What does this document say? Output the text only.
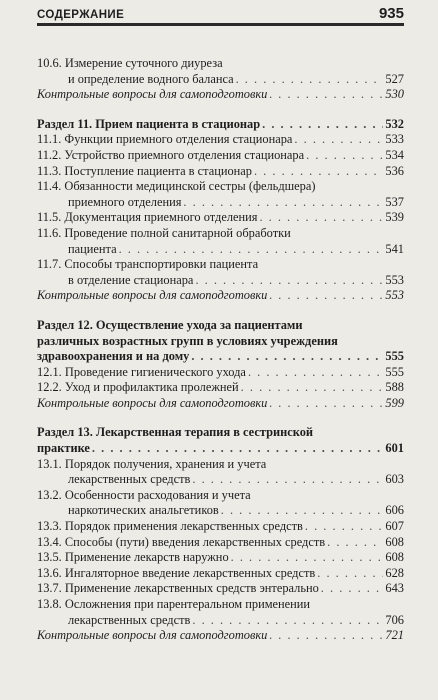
СОДЕРЖАНИЕ	935
10.6. Измерение суточного диуреза
и определение водного баланса . . .	527
Контрольные вопросы для самоподготовки . . .	530
Раздел 11. Прием пациента в стационар . . .	532
11.1. Функции приемного отделения стационара . . .	533
11.2. Устройство приемного отделения стационара . . .	534
11.3. Поступление пациента в стационар . . .	536
11.4. Обязанности медицинской сестры (фельдшера)
приемного отделения . . .	537
11.5. Документация приемного отделения . . .	539
11.6. Проведение полной санитарной обработки
пациента . . .	541
11.7. Способы транспортировки пациента
в отделение стационара . . .	553
Контрольные вопросы для самоподготовки . . .	553
Раздел 12. Осуществление ухода за пациентами
различных возрастных групп в условиях учреждения
здравоохранения и на дому . . .	555
12.1. Проведение гигиенического ухода . . .	555
12.2. Уход и профилактика пролежней . . .	588
Контрольные вопросы для самоподготовки . . .	599
Раздел 13. Лекарственная терапия в сестринской
практике . . .	601
13.1. Порядок получения, хранения и учета
лекарственных средств . . .	603
13.2. Особенности расходования и учета
наркотических анальгетиков . . .	606
13.3. Порядок применения лекарственных средств . . .	607
13.4. Способы (пути) введения лекарственных средств . . .	608
13.5. Применение лекарств наружно . . .	608
13.6. Ингаляторное введение лекарственных средств . . .	628
13.7. Применение лекарственных средств энтерально . . .	643
13.8. Осложнения при парентеральном применении
лекарственных средств . . .	706
Контрольные вопросы для самоподготовки . . .	721
